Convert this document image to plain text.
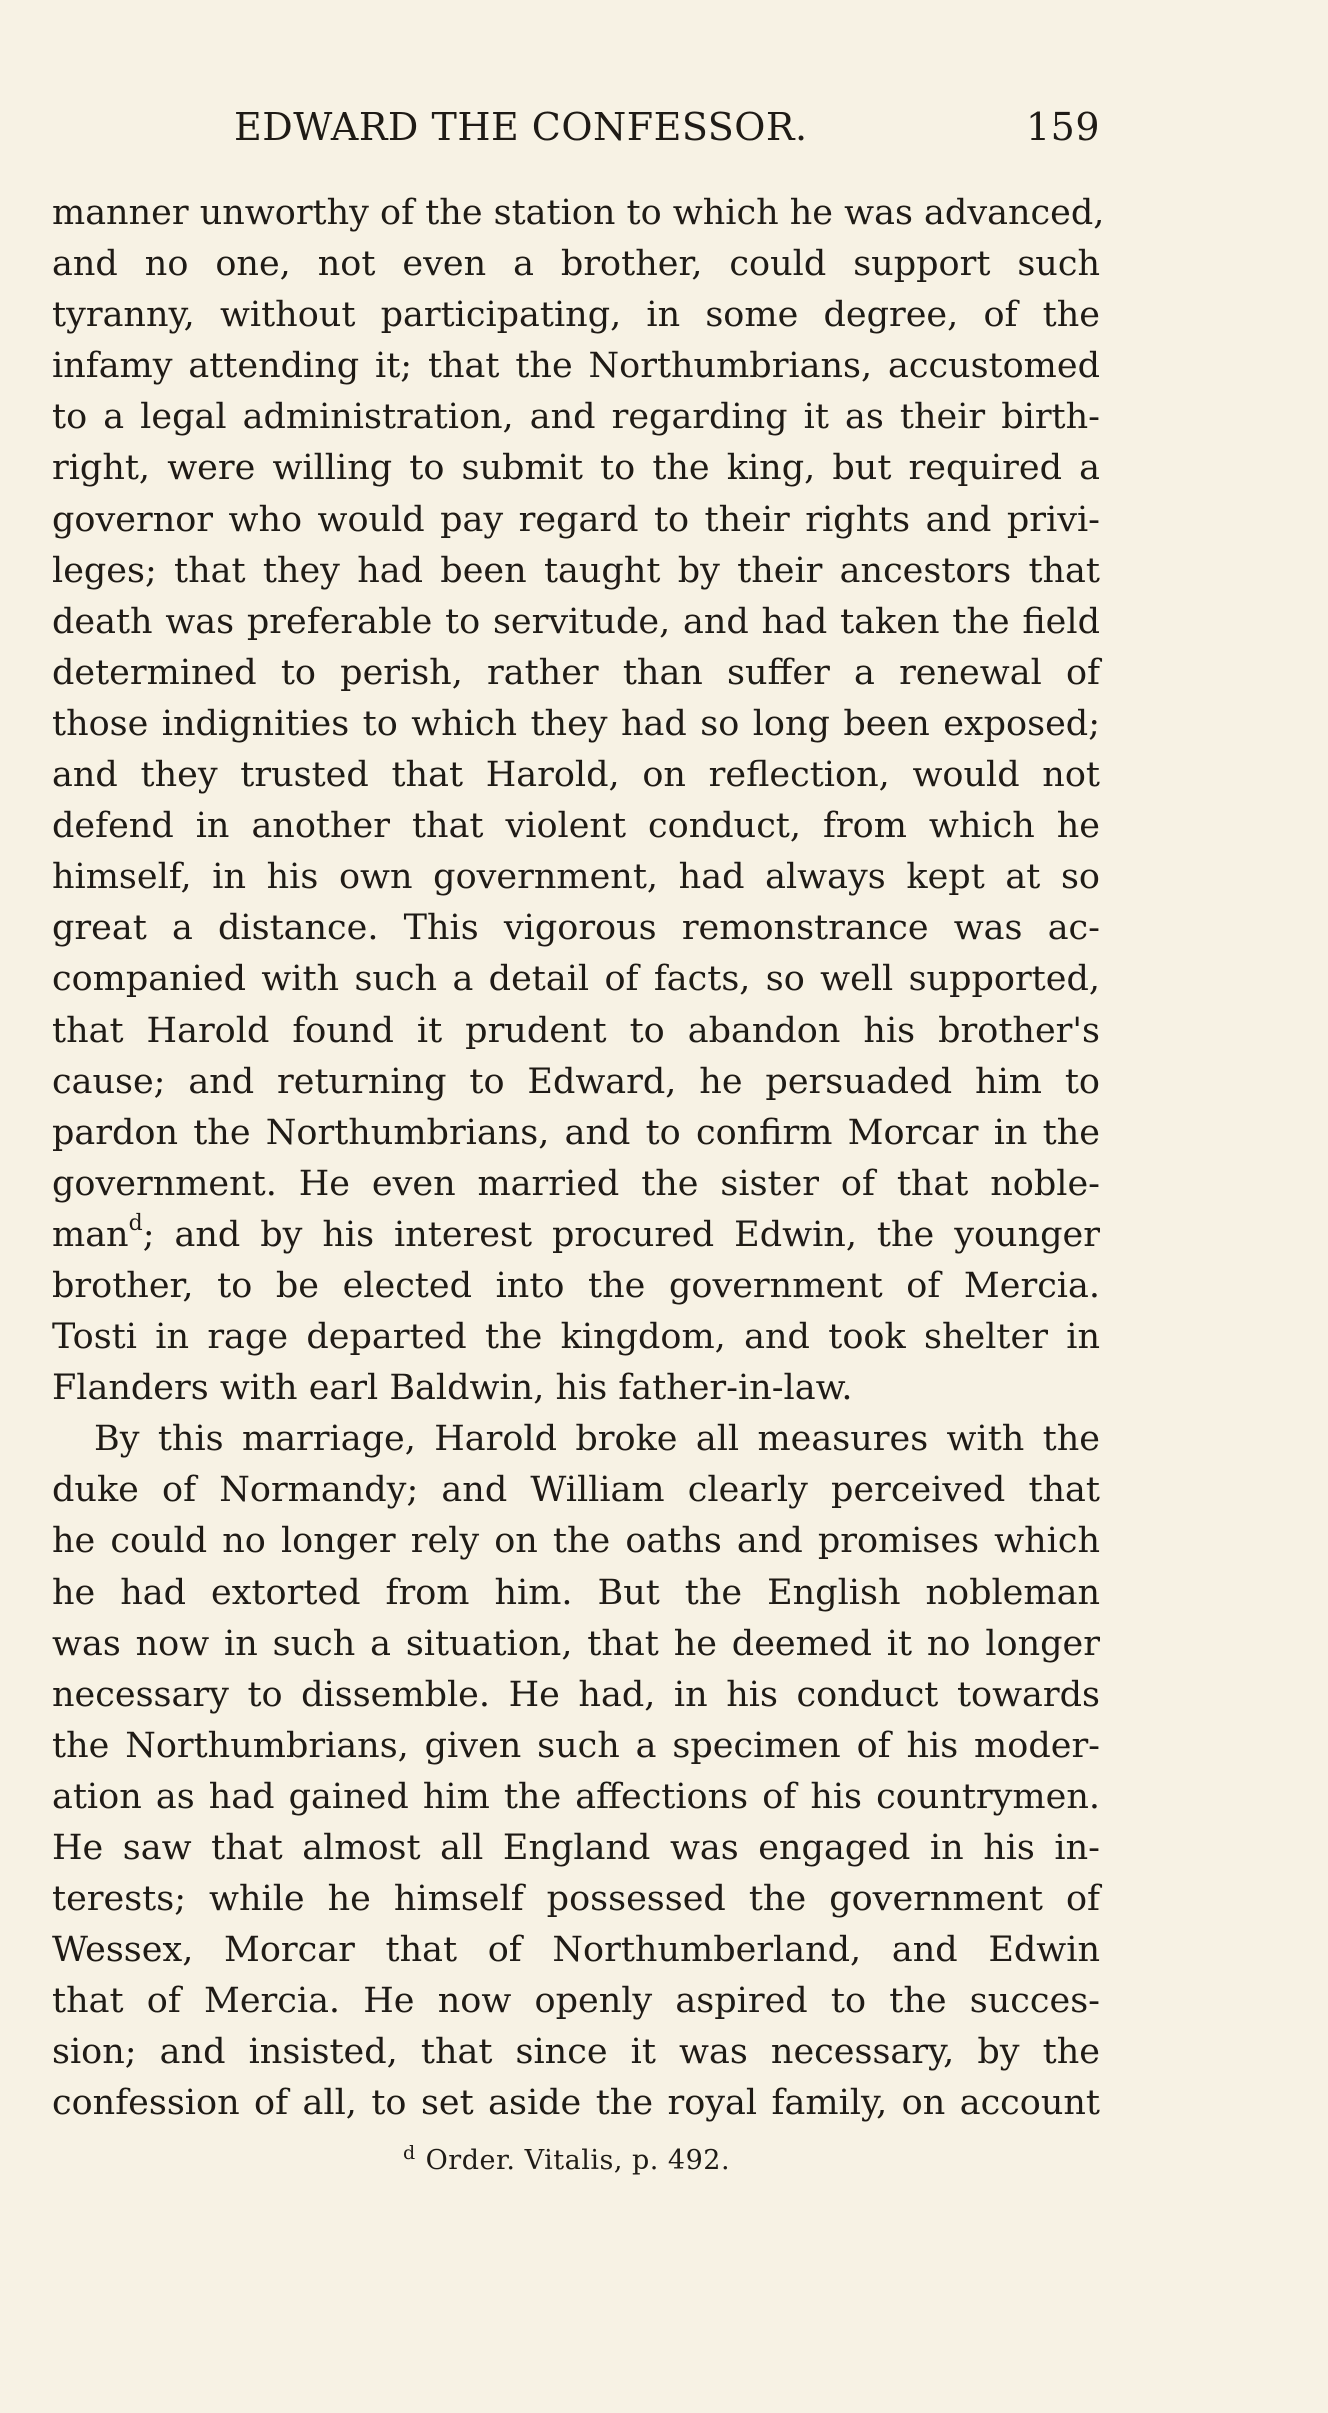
EDWARD THE CONFESSOR.	159
manner unworthy of the station to which he was advanced,
and no one, not even a brother, could support such
tyranny, without participating, in some degree, of the
infamy attending it; that the Northumbrians, accustomed
to a legal administration, and regarding it as their birth-
right, were willing to submit to the king, but required a
governor who would pay regard to their rights and privi-
leges; that they had been taught by their ancestors that
death was preferable to servitude, and had taken the field
determined to perish, rather than suffer a renewal of
those indignities to which they had so long been exposed;
and they trusted that Harold, on reflection, would not
defend in another that violent conduct, from which he
himself, in his own government, had always kept at so
great a distance. This vigorous remonstrance was ac-
companied with such a detail of facts, so well supported,
that Harold found it prudent to abandon his brother's
cause; and returning to Edward, he persuaded him to
pardon the Northumbrians, and to confirm Morcar in the
government. He even married the sister of that noble-
man$^d$; and by his interest procured Edwin, the younger
brother, to be elected into the government of Mercia.
Tosti in rage departed the kingdom, and took shelter in
Flanders with earl Baldwin, his father-in-law.
By this marriage, Harold broke all measures with the
duke of Normandy; and William clearly perceived that
he could no longer rely on the oaths and promises which
he had extorted from him. But the English nobleman
was now in such a situation, that he deemed it no longer
necessary to dissemble. He had, in his conduct towards
the Northumbrians, given such a specimen of his moder-
ation as had gained him the affections of his countrymen.
He saw that almost all England was engaged in his in-
terests; while he himself possessed the government of
Wessex, Morcar that of Northumberland, and Edwin
that of Mercia. He now openly aspired to the succes-
sion; and insisted, that since it was necessary, by the
confession of all, to set aside the royal family, on account
$^d$ Order. Vitalis, p. 492.
